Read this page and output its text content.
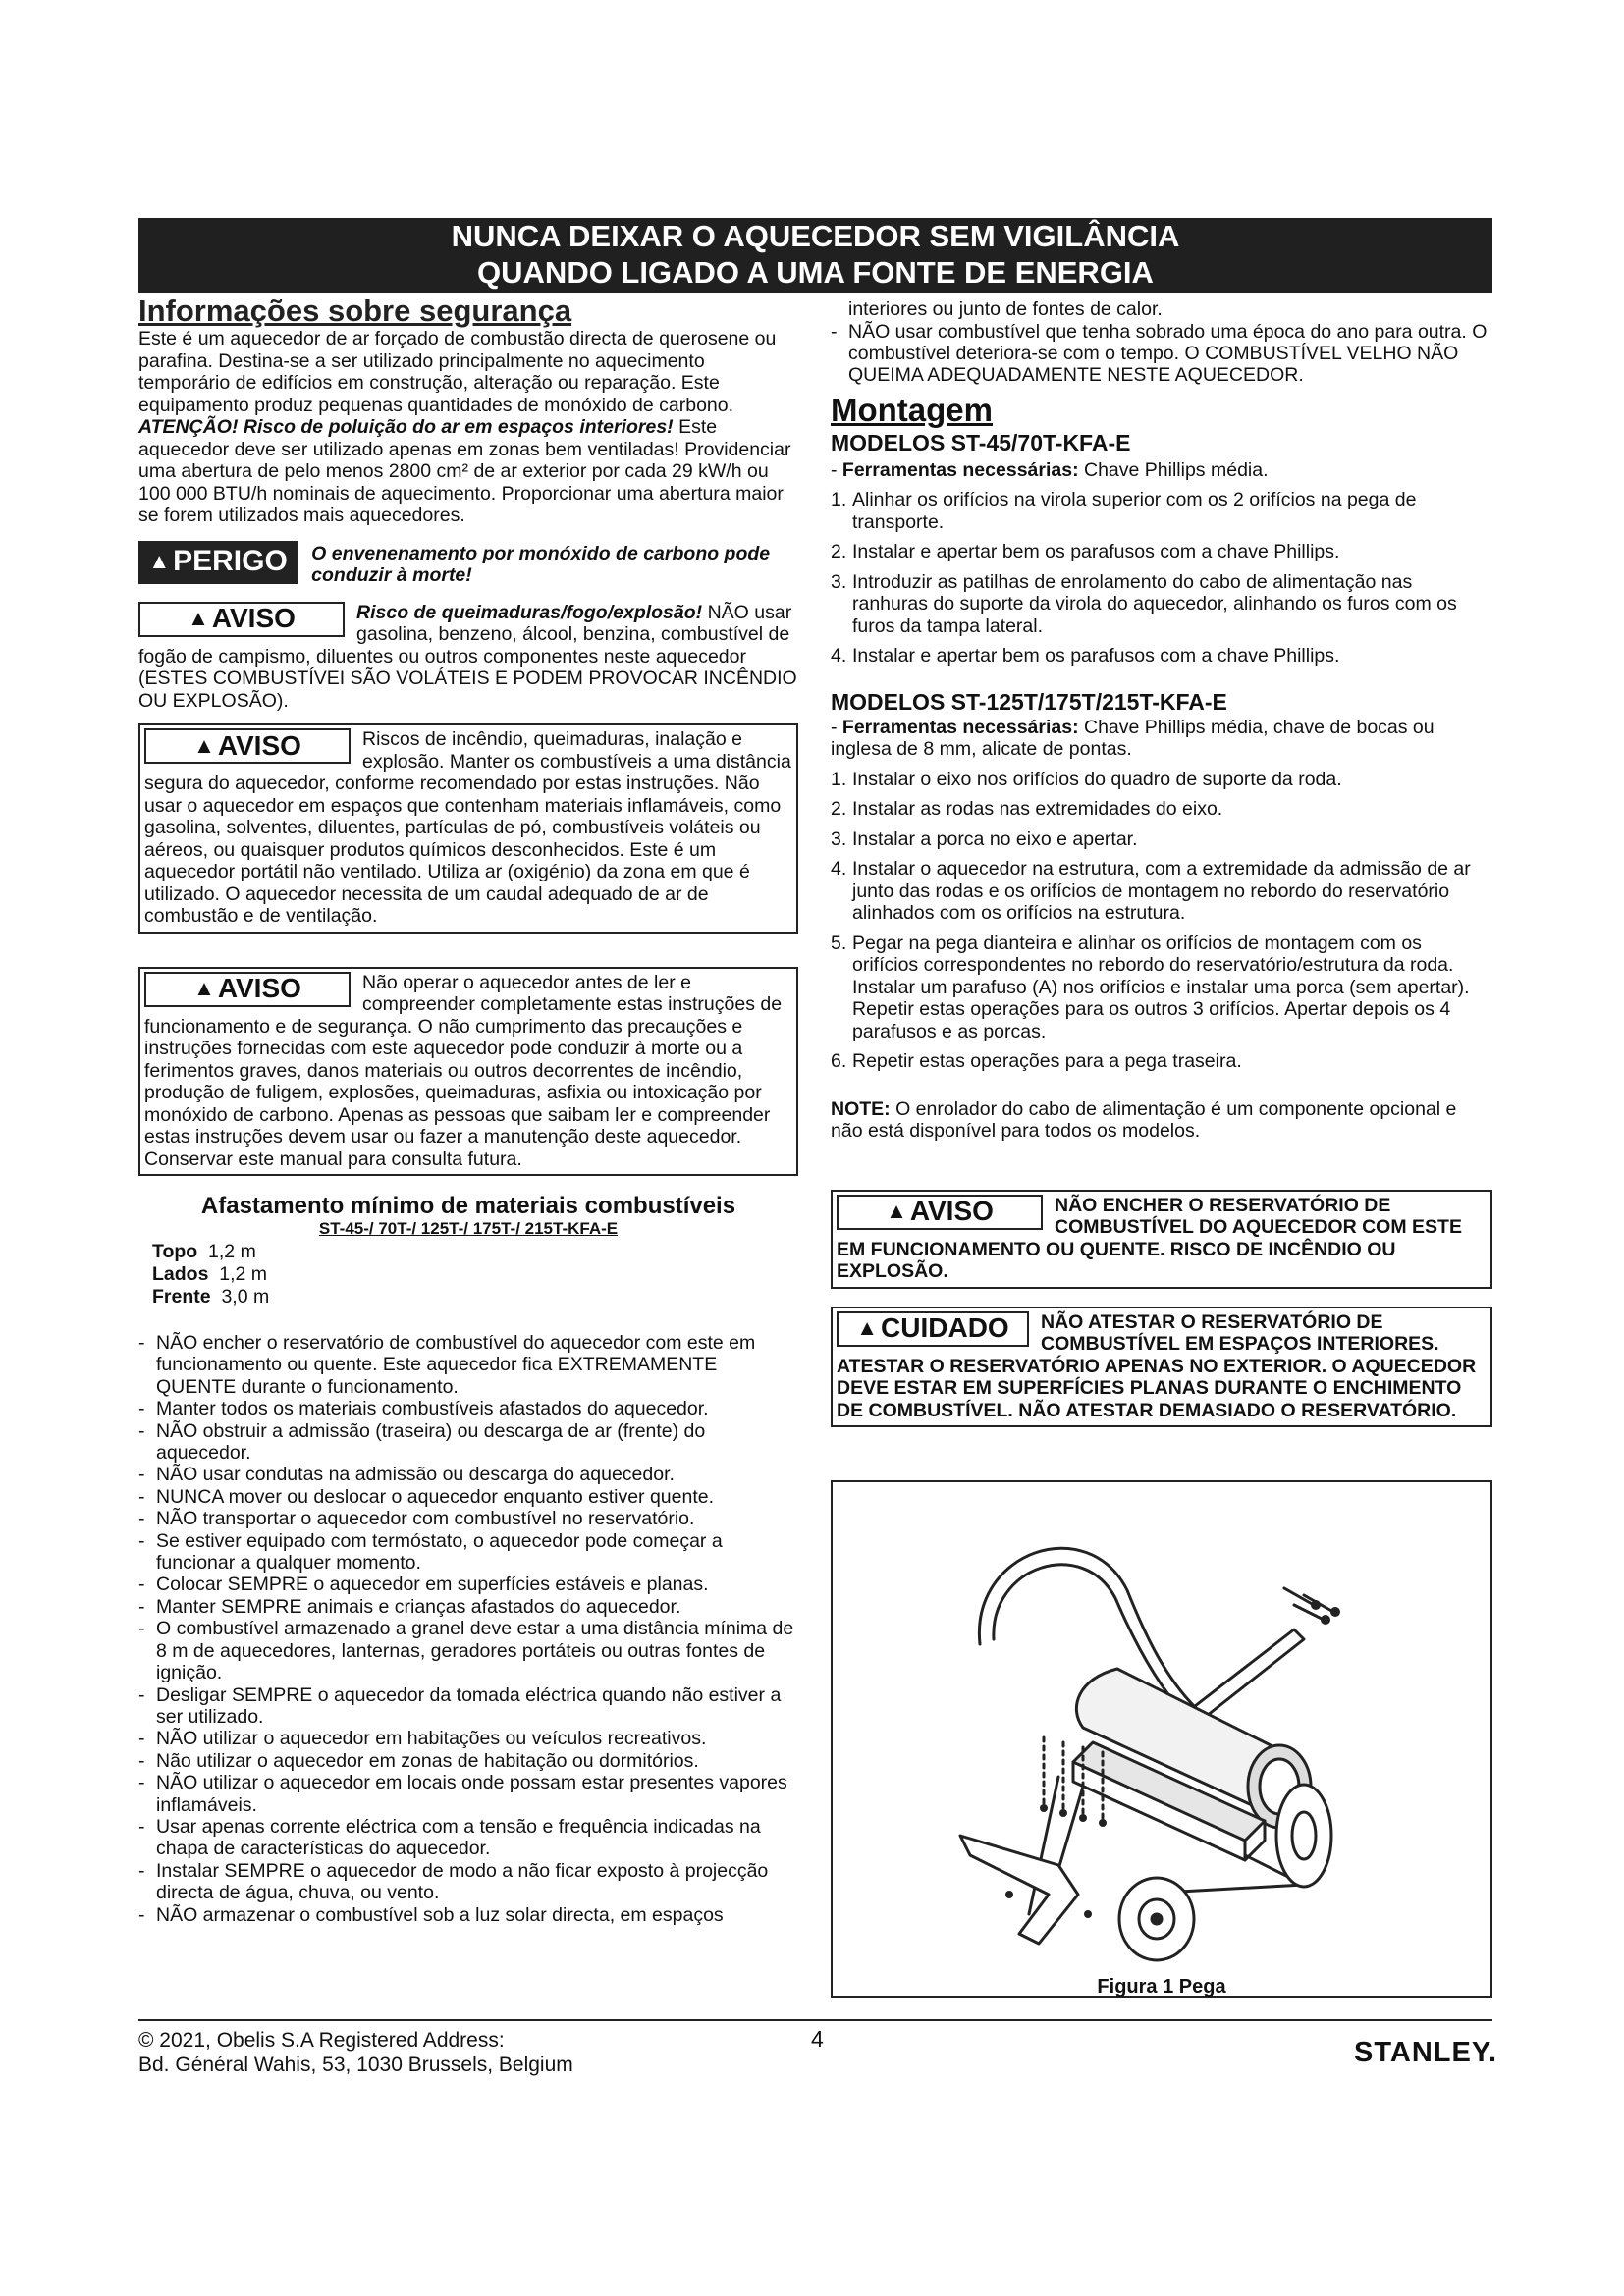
NUNCA DEIXAR O AQUECEDOR SEM VIGILÂNCIA
QUANDO LIGADO A UMA FONTE DE ENERGIA
Informações sobre segurança

Este é um aquecedor de ar forçado de combustão directa de querosene ou parafina. Destina-se a ser utilizado principalmente no aquecimento temporário de edifícios em construção, alteração ou reparação. Este equipamento produz pequenas quantidades de monóxido de carbono. ATENÇÃO! Risco de poluição do ar em espaços interiores! Este aquecedor deve ser utilizado apenas em zonas bem ventiladas! Providenciar uma abertura de pelo menos 2800 cm² de ar exterior por cada 29 kW/h ou 100 000 BTU/h nominais de aquecimento. Proporcionar uma abertura maior se forem utilizados mais aquecedores.

▲ PERIGO O envenenamento por monóxido de carbono pode conduzir à morte!
▲ AVISO	Risco de queimaduras/fogo/explosão! NÃO usar gasolina, benzeno, álcool, benzina, combustível de fogão de campismo, diluentes ou outros componentes neste aquecedor (ESTES COMBUSTÍVEI SÃO VOLÁTEIS E PODEM PROVOCAR INCÊNDIO OU EXPLOSÃO).

▲ AVISO	Riscos de incêndio, queimaduras, inalação e explosão. Manter os combustíveis a uma distância segura do aquecedor, conforme recomendado por estas instruções. Não usar o aquecedor em espaços que contenham materiais inflamáveis, como gasolina, solventes, diluentes, partículas de pó, combustíveis voláteis ou aéreos, ou quaisquer produtos químicos desconhecidos. Este é um aquecedor portátil não ventilado. Utiliza ar (oxigénio) da zona em que é utilizado. O aquecedor necessita de um caudal adequado de ar de combustão e de ventilação.

▲ AVISO	Não operar o aquecedor antes de ler e compreender completamente estas instruções de funcionamento e de segurança. O não cumprimento das precauções e instruções fornecidas com este aquecedor pode conduzir à morte ou a ferimentos graves, danos materiais ou outros decorrentes de incêndio, produção de fuligem, explosões, queimaduras, asfixia ou intoxicação por monóxido de carbono. Apenas as pessoas que saibam ler e compreender estas instruções devem usar ou fazer a manutenção deste aquecedor. Conservar este manual para consulta futura.

Afastamento mínimo de materiais combustíveis
ST-45-/ 70T-/ 125T-/ 175T-/ 215T-KFA-E
Topo 1,2 m
Lados 1,2 m
Frente 3,0 m
- NÃO encher o reservatório de combustível do aquecedor com este em funcionamento ou quente. Este aquecedor fica EXTREMAMENTE QUENTE durante o funcionamento.
- Manter todos os materiais combustíveis afastados do aquecedor.
- NÃO obstruir a admissão (traseira) ou descarga de ar (frente) do aquecedor.
- NÃO usar condutas na admissão ou descarga do aquecedor.
- NUNCA mover ou deslocar o aquecedor enquanto estiver quente.
- NÃO transportar o aquecedor com combustível no reservatório.
- Se estiver equipado com termóstato, o aquecedor pode começar a funcionar a qualquer momento.
- Colocar SEMPRE o aquecedor em superfícies estáveis e planas.
- Manter SEMPRE animais e crianças afastados do aquecedor.
- O combustível armazenado a granel deve estar a uma distância mínima de 8 m de aquecedores, lanternas, geradores portáteis ou outras fontes de ignição.
- Desligar SEMPRE o aquecedor da tomada eléctrica quando não estiver a ser utilizado.
- NÃO utilizar o aquecedor em habitações ou veículos recreativos.
- Não utilizar o aquecedor em zonas de habitação ou dormitórios.
- NÃO utilizar o aquecedor em locais onde possam estar presentes vapores inflamáveis.
- Usar apenas corrente eléctrica com a tensão e frequência indicadas na chapa de características do aquecedor.
- Instalar SEMPRE o aquecedor de modo a não ficar exposto à projecção directa de água, chuva, ou vento.
- NÃO armazenar o combustível sob a luz solar directa, em espaços

interiores ou junto de fontes de calor.

- NÃO usar combustível que tenha sobrado uma época do ano para outra. O combustível deteriora-se com o tempo. O COMBUSTÍVEL VELHO NÃO QUEIMA ADEQUADAMENTE NESTE AQUECEDOR.
Montagem
MODELOS ST-45/70T-KFA-E

- Ferramentas necessárias: Chave Phillips média.

1. Alinhar os orifícios na virola superior com os 2 orifícios na pega de transporte.
2. Instalar e apertar bem os parafusos com a chave Phillips.
3. Introduzir as patilhas de enrolamento do cabo de alimentação nas ranhuras do suporte da virola do aquecedor, alinhando os furos com os furos da tampa lateral.
4. Instalar e apertar bem os parafusos com a chave Phillips.
MODELOS ST-125T/175T/215T-KFA-E

- Ferramentas necessárias: Chave Phillips média, chave de bocas ou inglesa de 8 mm, alicate de pontas.

1. Instalar o eixo nos orifícios do quadro de suporte da roda.
2. Instalar as rodas nas extremidades do eixo.
3. Instalar a porca no eixo e apertar.
4. Instalar o aquecedor na estrutura, com a extremidade da admissão de ar junto das rodas e os orifícios de montagem no rebordo do reservatório alinhados com os orifícios na estrutura.
5. Pegar na pega dianteira e alinhar os orifícios de montagem com os orifícios correspondentes no rebordo do reservatório/estrutura da roda. Instalar um parafuso (A) nos orifícios e instalar uma porca (sem apertar). Repetir estas operações para os outros 3 orifícios. Apertar depois os 4 parafusos e as porcas.
6. Repetir estas operações para a pega traseira.

NOTE: O enrolador do cabo de alimentação é um componente opcional e não está disponível para todos os modelos.

▲ AVISO	NÃO ENCHER O RESERVATÓRIO DE COMBUSTÍVEL DO AQUECEDOR COM ESTE EM FUNCIONAMENTO OU QUENTE. RISCO DE INCÊNDIO OU EXPLOSÃO.

▲ CUIDADO	NÃO ATESTAR O RESERVATÓRIO DE COMBUSTÍVEL EM ESPAÇOS INTERIORES. ATESTAR O RESERVATÓRIO APENAS NO EXTERIOR. O AQUECEDOR DEVE ESTAR EM SUPERFÍCIES PLANAS DURANTE O ENCHIMENTO DE COMBUSTÍVEL. NÃO ATESTAR DEMASIADO O RESERVATÓRIO.

Figura 1 Pega
© 2021, Obelis S.A Registered Address:
Bd. Général Wahis, 53, 1030 Brussels, Belgium
4	STANLEY.
